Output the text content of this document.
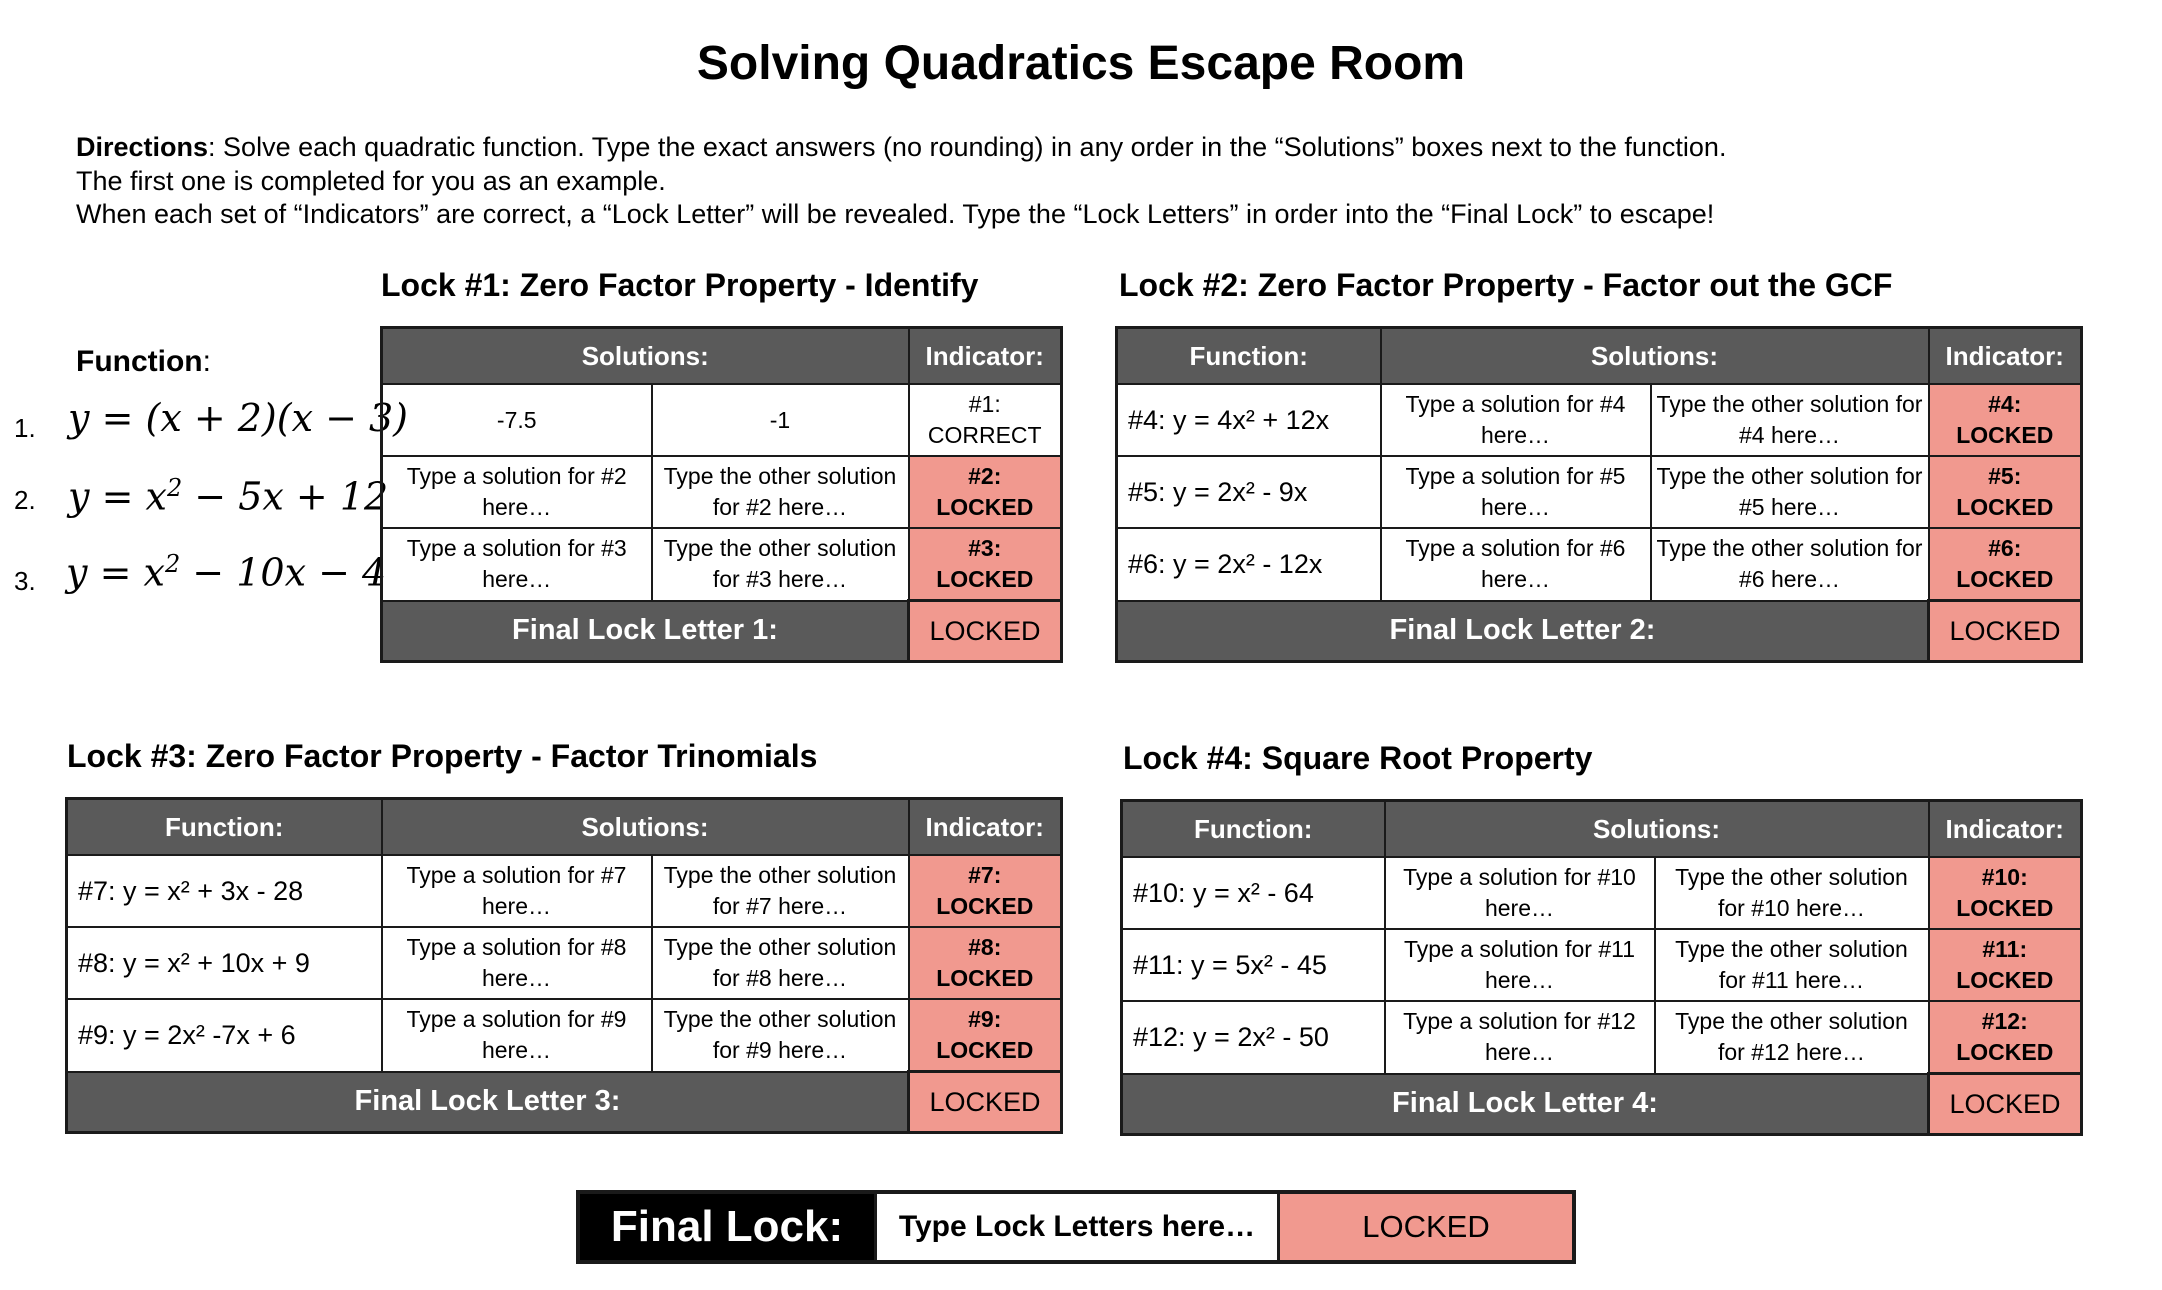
Solving Quadratics Escape Room
Directions: Solve each quadratic function. Type the exact answers (no rounding) in any order in the “Solutions” boxes next to the function.
The first one is completed for you as an example.
When each set of “Indicators” are correct, a “Lock Letter” will be revealed. Type the “Lock Letters” in order into the “Final Lock” to escape!
Lock #1: Zero Factor Property - Identify	Lock #2: Zero Factor Property - Factor out the GCF
Lock #3: Zero Factor Property - Factor Trinomials	Lock #4: Square Root Property
Function:
1. y = (x + 2)(x − 3)
2. $y = x^2 - 5x + 12$
3. $y = x^2 - 10x - 4$
Solutions:		Indicator:
-7.5	-1	#1:
CORRECT
Type a solution for #2 here…	Type the other solution for #2 here…	#2:
LOCKED
Type a solution for #3 here…	Type the other solution for #3 here…	#3:
LOCKED
Final Lock Letter 1:		LOCKED
Function:	Solutions:		Indicator:
#4: y = 4x² + 12x	Type a solution for #4 here…	Type the other solution for #4 here…	#4:
LOCKED
#5: y = 2x² - 9x	Type a solution for #5 here…	Type the other solution for #5 here…	#5:
LOCKED
#6: y = 2x² - 12x	Type a solution for #6 here…	Type the other solution for #6 here…	#6:
LOCKED
Final Lock Letter 2:			LOCKED
Function:	Solutions:		Indicator:
#7: y = x² + 3x - 28	Type a solution for #7 here…	Type the other solution for #7 here…	#7:
LOCKED
#8: y = x² + 10x + 9	Type a solution for #8 here…	Type the other solution for #8 here…	#8:
LOCKED
#9: y = 2x² -7x + 6	Type a solution for #9 here…	Type the other solution for #9 here…	#9:
LOCKED
Final Lock Letter 3:			LOCKED
Function:	Solutions:		Indicator:
#10: y = x² - 64	Type a solution for #10 here…	Type the other solution for #10 here…	#10:
LOCKED
#11: y = 5x² - 45	Type a solution for #11 here…	Type the other solution for #11 here…	#11:
LOCKED
#12: y = 2x² - 50	Type a solution for #12 here…	Type the other solution for #12 here…	#12:
LOCKED
Final Lock Letter 4:			LOCKED
Final Lock:	Type Lock Letters here…	LOCKED
